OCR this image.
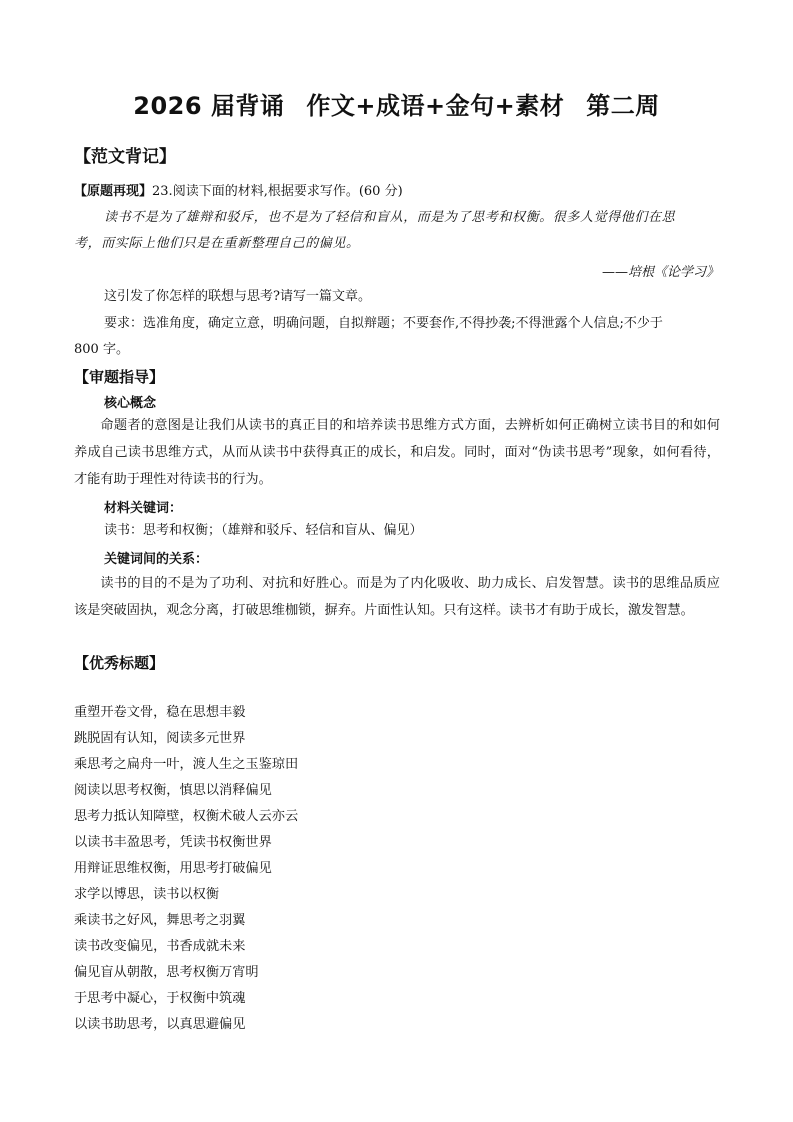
2026 届背诵 作文+成语+金句+素材 第二周
【范文背记】
【原题再现】23.阅读下面的材料,根据要求写作。(60 分)
读书不是为了雄辩和驳斥，也不是为了轻信和盲从，而是为了思考和权衡。很多人觉得他们在思
考，而实际上他们只是在重新整理自己的偏见。
——培根《论学习》
这引发了你怎样的联想与思考?请写一篇文章。
要求：选准角度，确定立意，明确问题，自拟辩题；不要套作,不得抄袭;不得泄露个人信息;不少于
800 字。
【审题指导】
核心概念
命题者的意图是让我们从读书的真正目的和培养读书思维方式方面，去辨析如何正确树立读书目的和如何养成自己读书思维方式，从而从读书中获得真正的成长，和启发。同时，面对“伪读书思考”现象，如何看待，才能有助于理性对待读书的行为。
材料关键词：
读书：思考和权衡；（雄辩和驳斥、轻信和盲从、偏见）
关键词间的关系：
读书的目的不是为了功利、对抗和好胜心。而是为了内化吸收、助力成长、启发智慧。读书的思维品质应该是突破固执，观念分离，打破思维枷锁，摒弃。片面性认知。只有这样。读书才有助于成长，激发智慧。
【优秀标题】
重塑开卷文骨，稳在思想丰毅
跳脱固有认知，阅读多元世界
乘思考之扁舟一叶，渡人生之玉鉴琼田
阅读以思考权衡，慎思以消释偏见
思考力抵认知障壁，权衡术破人云亦云
以读书丰盈思考，凭读书权衡世界
用辩证思维权衡，用思考打破偏见
求学以博思，读书以权衡
乘读书之好风，舞思考之羽翼
读书改变偏见，书香成就未来
偏见盲从朝散，思考权衡万宵明
于思考中凝心，于权衡中筑魂
以读书助思考，以真思避偏见
